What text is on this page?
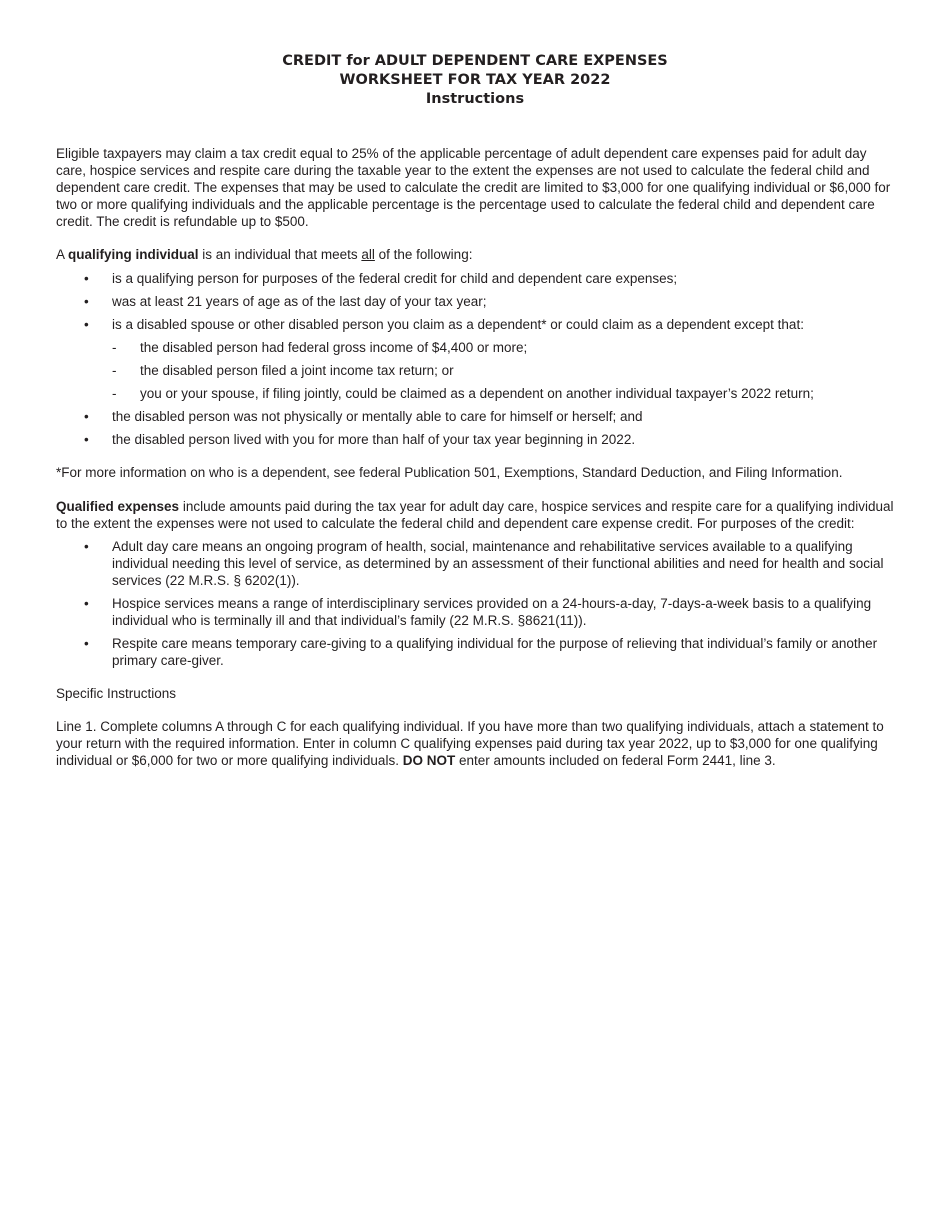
CREDIT for ADULT DEPENDENT CARE EXPENSES
WORKSHEET FOR TAX YEAR 2022
Instructions

Eligible taxpayers may claim a tax credit equal to 25% of the applicable percentage of adult dependent care expenses paid for adult day care, hospice services and respite care during the taxable year to the extent the expenses are not used to calculate the federal child and dependent care credit. The expenses that may be used to calculate the credit are limited to $3,000 for one qualifying individual or $6,000 for two or more qualifying individuals and the applicable percentage is the percentage used to calculate the federal child and dependent care credit. The credit is refundable up to $500.

A qualifying individual is an individual that meets all of the following:

• is a qualifying person for purposes of the federal credit for child and dependent care expenses;
• was at least 21 years of age as of the last day of your tax year;
• is a disabled spouse or other disabled person you claim as a dependent* or could claim as a dependent except that:
- the disabled person had federal gross income of $4,400 or more;
- the disabled person filed a joint income tax return; or
- you or your spouse, if filing jointly, could be claimed as a dependent on another individual taxpayer’s 2022 return;
• the disabled person was not physically or mentally able to care for himself or herself; and
• the disabled person lived with you for more than half of your tax year beginning in 2022.

*For more information on who is a dependent, see federal Publication 501, Exemptions, Standard Deduction, and Filing Information.

Qualified expenses include amounts paid during the tax year for adult day care, hospice services and respite care for a qualifying individual to the extent the expenses were not used to calculate the federal child and dependent care expense credit. For purposes of the credit:

• Adult day care means an ongoing program of health, social, maintenance and rehabilitative services available to a qualifying individual needing this level of service, as determined by an assessment of their functional abilities and need for health and social services (22 M.R.S. § 6202(1)).
• Hospice services means a range of interdisciplinary services provided on a 24-hours-a-day, 7-days-a-week basis to a qualifying individual who is terminally ill and that individual’s family (22 M.R.S. §8621(11)).
• Respite care means temporary care-giving to a qualifying individual for the purpose of relieving that individual’s family or another primary care-giver.

Specific Instructions

Line 1. Complete columns A through C for each qualifying individual. If you have more than two qualifying individuals, attach a statement to your return with the required information. Enter in column C qualifying expenses paid during tax year 2022, up to $3,000 for one qualifying individual or $6,000 for two or more qualifying individuals. DO NOT enter amounts included on federal Form 2441, line 3.
